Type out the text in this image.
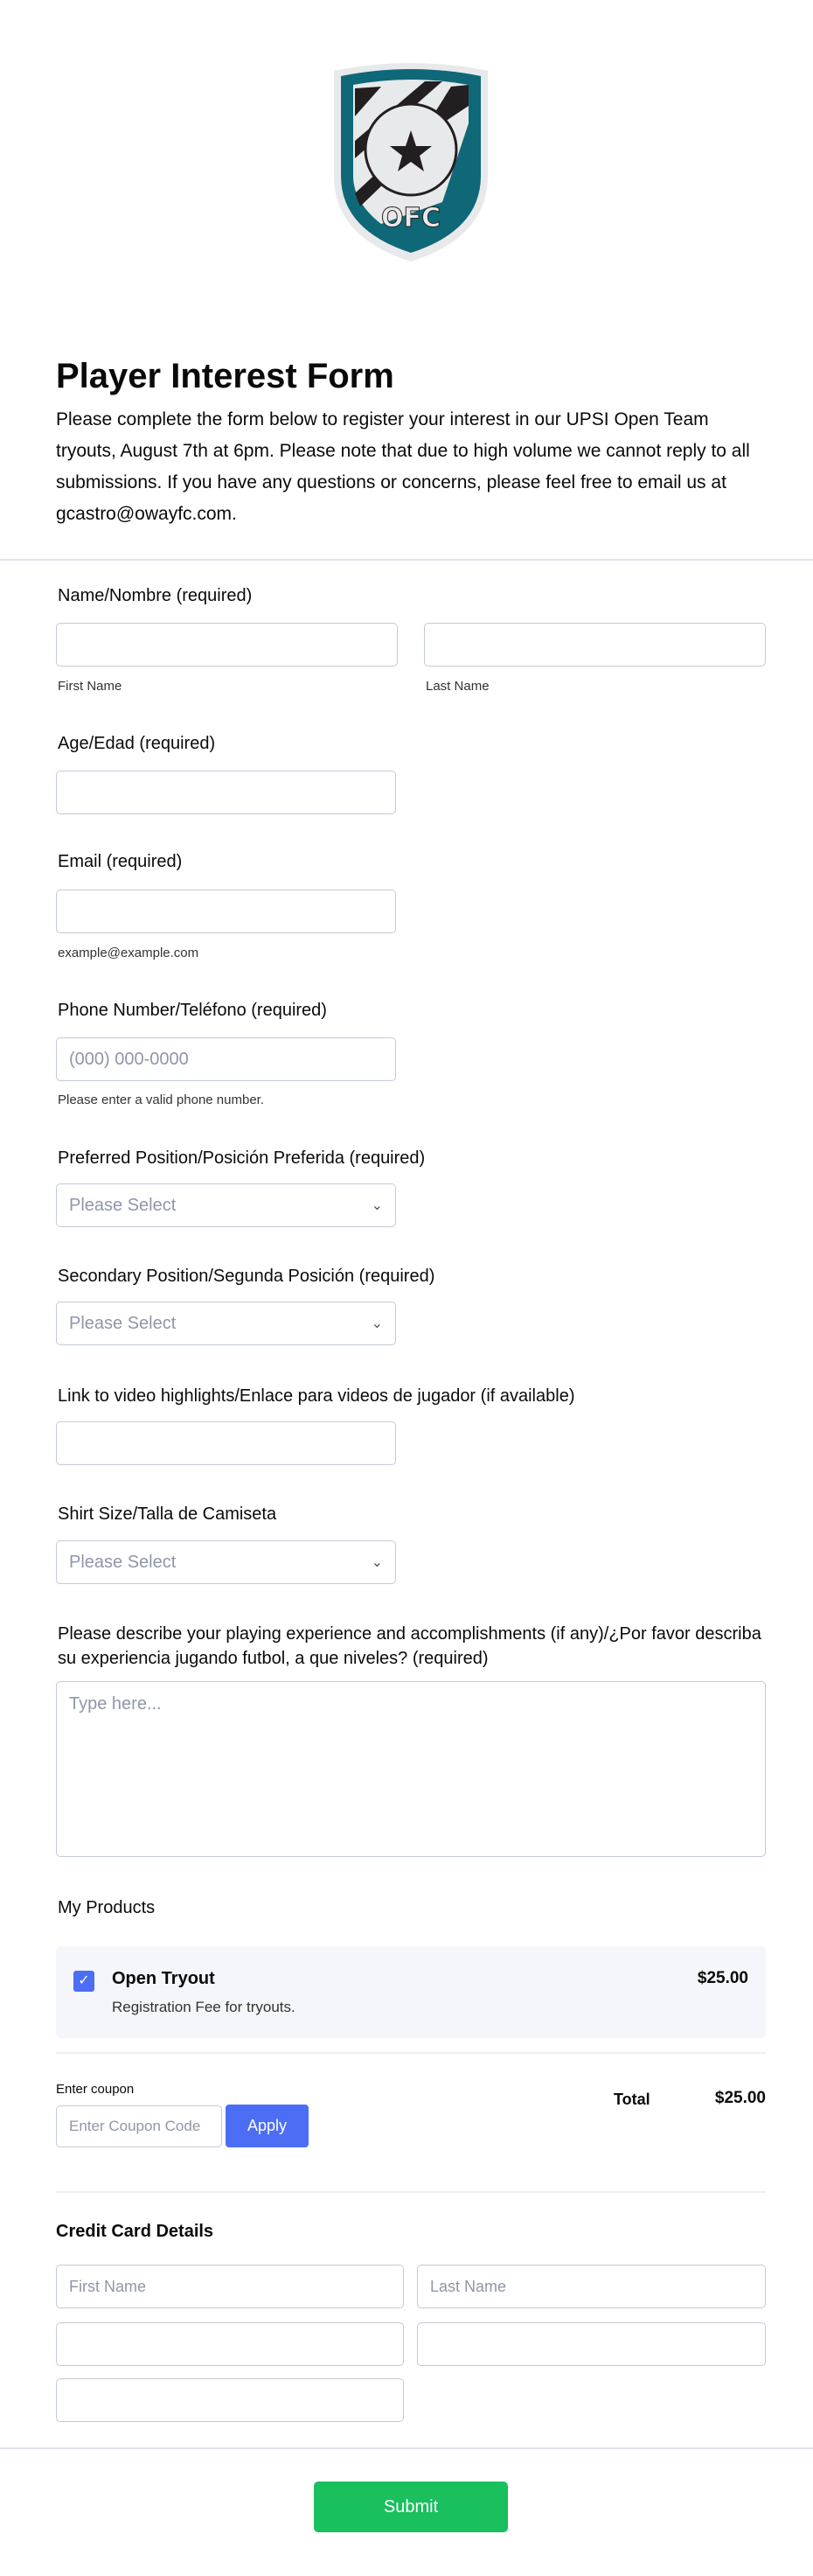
OFC
Player Interest Form
Please complete the form below to register your interest in our UPSI Open Team tryouts, August 7th at 6pm. Please note that due to high volume we cannot reply to all submissions. If you have any questions or concerns, please feel free to email us at gcastro@owayfc.com.
Name/Nombre (required)
First Name	Last Name
Age/Edad (required)
Email (required)
example@example.com
Phone Number/Teléfono (required)
(000) 000-0000
Please enter a valid phone number.
Preferred Position/Posición Preferida (required)
Please Select	⌄
Secondary Position/Segunda Posición (required)
Please Select	⌄
Link to video highlights/Enlace para videos de jugador (if available)
Shirt Size/Talla de Camiseta
Please Select	⌄
Please describe your playing experience and accomplishments (if any)/¿Por favor describa su experiencia jugando futbol, a que niveles? (required)
Type here...
My Products
✓ Open Tryout
Registration Fee for tryouts.
$25.00
Enter coupon
Enter Coupon Code	Apply
Total	$25.00
Credit Card Details
First Name	Last Name
Submit
